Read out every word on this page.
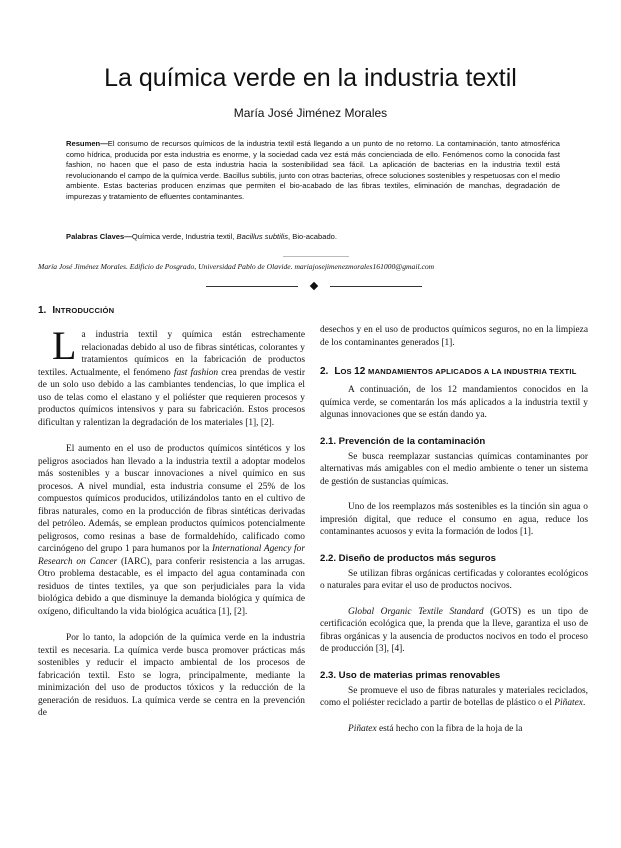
La química verde en la industria textil
María José Jiménez Morales

Resumen—El consumo de recursos químicos de la industria textil está llegando a un punto de no retorno. La contaminación, tanto atmosférica como hídrica, producida por esta industria es enorme, y la sociedad cada vez está más concienciada de ello. Fenómenos como la conocida fast fashion, no hacen que el paso de esta industria hacia la sostenibilidad sea fácil. La aplicación de bacterias en la industria textil está revolucionando el campo de la química verde. Bacillus subtilis, junto con otras bacterias, ofrece soluciones sostenibles y respetuosas con el medio ambiente. Estas bacterias producen enzimas que permiten el bio-acabado de las fibras textiles, eliminación de manchas, degradación de impurezas y tratamiento de efluentes contaminantes.

Palabras Claves—Química verde, Industria textil, Bacillus subtilis, Bio-acabado.

María José Jiménez Morales. Edificio de Posgrado, Universidad Pablo de Olavide. mariajosejimenezmorales161000@gmail.com

1. INTRODUCCIÓN

La industria textil y química están estrechamente relacionadas debido al uso de fibras sintéticas, colorantes y tratamientos químicos en la fabricación de productos textiles. Actualmente, el fenómeno fast fashion crea prendas de vestir de un solo uso debido a las cambiantes tendencias, lo que implica el uso de telas como el elastano y el poliéster que requieren procesos y productos químicos intensivos y para su fabricación. Estos procesos dificultan y ralentizan la degradación de los materiales [1], [2].

El aumento en el uso de productos químicos sintéticos y los peligros asociados han llevado a la industria textil a adoptar modelos más sostenibles y a buscar innovaciones a nivel químico en sus procesos. A nivel mundial, esta industria consume el 25% de los compuestos químicos producidos, utilizándolos tanto en el cultivo de fibras naturales, como en la producción de fibras sintéticas derivadas del petróleo. Además, se emplean productos químicos potencialmente peligrosos, como resinas a base de formaldehído, calificado como carcinógeno del grupo 1 para humanos por la International Agency for Research on Cancer (IARC), para conferir resistencia a las arrugas. Otro problema destacable, es el impacto del agua contaminada con residuos de tintes textiles, ya que son perjudiciales para la vida biológica debido a que disminuye la demanda biológica y química de oxígeno, dificultando la vida biológica acuática [1], [2].

Por lo tanto, la adopción de la química verde en la industria textil es necesaria. La química verde busca promover prácticas más sostenibles y reducir el impacto ambiental de los procesos de fabricación textil. Esto se logra, principalmente, mediante la minimización del uso de productos tóxicos y la reducción de la generación de residuos. La química verde se centra en la prevención de

desechos y en el uso de productos químicos seguros, no en la limpieza de los contaminantes generados [1].

2. LOS 12 MANDAMIENTOS APLICADOS A LA INDUSTRIA TEXTIL

A continuación, de los 12 mandamientos conocidos en la química verde, se comentarán los más aplicados a la industria textil y algunas innovaciones que se están dando ya.

2.1. Prevención de la contaminación

Se busca reemplazar sustancias químicas contaminantes por alternativas más amigables con el medio ambiente o tener un sistema de gestión de sustancias químicas.

Uno de los reemplazos más sostenibles es la tinción sin agua o impresión digital, que reduce el consumo en agua, reduce los contaminantes acuosos y evita la formación de lodos [1].

2.2. Diseño de productos más seguros

Se utilizan fibras orgánicas certificadas y colorantes ecológicos o naturales para evitar el uso de productos nocivos.

Global Organic Textile Standard (GOTS) es un tipo de certificación ecológica que, la prenda que la lleve, garantiza el uso de fibras orgánicas y la ausencia de productos nocivos en todo el proceso de producción [3], [4].

2.3. Uso de materias primas renovables

Se promueve el uso de fibras naturales y materiales reciclados, como el poliéster reciclado a partir de botellas de plástico o el Piñatex.

Piñatex está hecho con la fibra de la hoja de la
